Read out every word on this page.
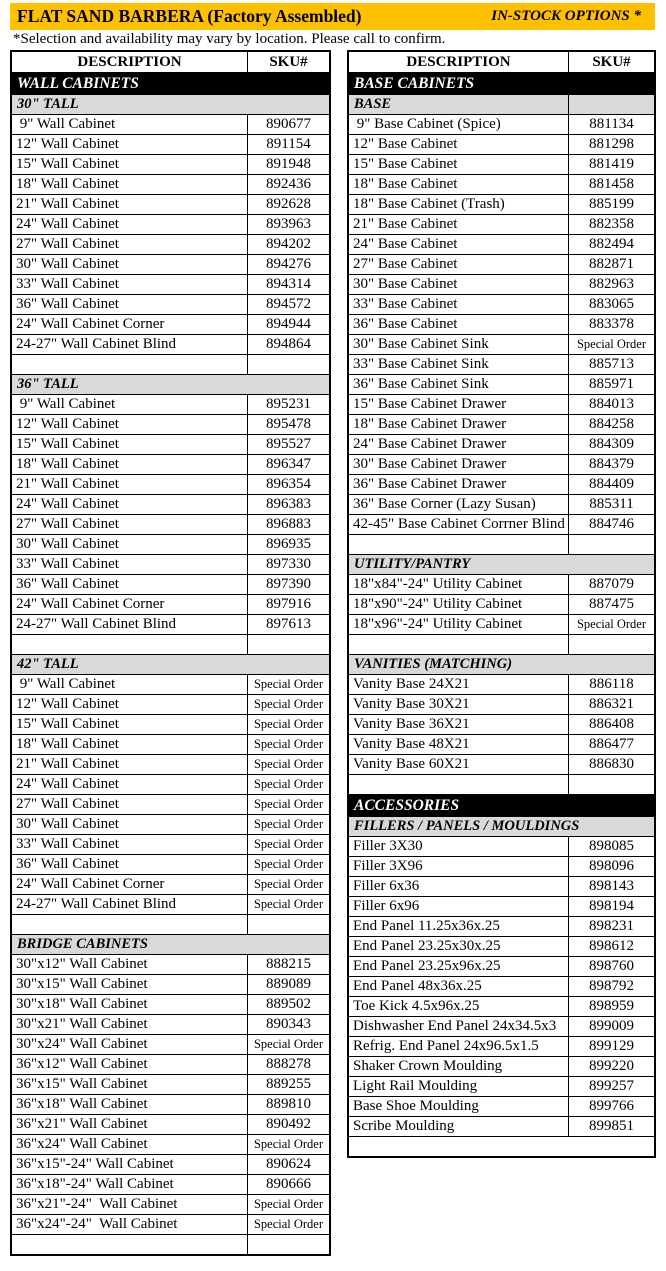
FLAT SAND BARBERA (Factory Assembled)	IN-STOCK OPTIONS *
*Selection and availability may vary by location. Please call to confirm.
DESCRIPTION	SKU#
WALL CABINETS
30" TALL
9" Wall Cabinet	890677
12" Wall Cabinet	891154
15" Wall Cabinet	891948
18" Wall Cabinet	892436
21" Wall Cabinet	892628
24" Wall Cabinet	893963
27" Wall Cabinet	894202
30" Wall Cabinet	894276
33" Wall Cabinet	894314
36" Wall Cabinet	894572
24" Wall Cabinet Corner	894944
24-27" Wall Cabinet Blind	894864
36" TALL
9" Wall Cabinet	895231
12" Wall Cabinet	895478
15" Wall Cabinet	895527
18" Wall Cabinet	896347
21" Wall Cabinet	896354
24" Wall Cabinet	896383
27" Wall Cabinet	896883
30" Wall Cabinet	896935
33" Wall Cabinet	897330
36" Wall Cabinet	897390
24" Wall Cabinet Corner	897916
24-27" Wall Cabinet Blind	897613
42" TALL
9" Wall Cabinet	Special Order
12" Wall Cabinet	Special Order
15" Wall Cabinet	Special Order
18" Wall Cabinet	Special Order
21" Wall Cabinet	Special Order
24" Wall Cabinet	Special Order
27" Wall Cabinet	Special Order
30" Wall Cabinet	Special Order
33" Wall Cabinet	Special Order
36" Wall Cabinet	Special Order
24" Wall Cabinet Corner	Special Order
24-27" Wall Cabinet Blind	Special Order
BRIDGE CABINETS
30"x12" Wall Cabinet	888215
30"x15" Wall Cabinet	889089
30"x18" Wall Cabinet	889502
30"x21" Wall Cabinet	890343
30"x24" Wall Cabinet	Special Order
36"x12" Wall Cabinet	888278
36"x15" Wall Cabinet	889255
36"x18" Wall Cabinet	889810
36"x21" Wall Cabinet	890492
36"x24" Wall Cabinet	Special Order
36"x15"-24" Wall Cabinet	890624
36"x18"-24" Wall Cabinet	890666
36"x21"-24"  Wall Cabinet	Special Order
36"x24"-24"  Wall Cabinet	Special Order
DESCRIPTION	SKU#
BASE CABINETS
BASE
9" Base Cabinet (Spice)	881134
12" Base Cabinet	881298
15" Base Cabinet	881419
18" Base Cabinet	881458
18" Base Cabinet (Trash)	885199
21" Base Cabinet	882358
24" Base Cabinet	882494
27" Base Cabinet	882871
30" Base Cabinet	882963
33" Base Cabinet	883065
36" Base Cabinet	883378
30" Base Cabinet Sink	Special Order
33" Base Cabinet Sink	885713
36" Base Cabinet Sink	885971
15" Base Cabinet Drawer	884013
18" Base Cabinet Drawer	884258
24" Base Cabinet Drawer	884309
30" Base Cabinet Drawer	884379
36" Base Cabinet Drawer	884409
36" Base Corner (Lazy Susan)	885311
42-45" Base Cabinet Corrner Blind	884746
UTILITY/PANTRY
18"x84"-24" Utility Cabinet	887079
18"x90"-24" Utility Cabinet	887475
18"x96"-24" Utility Cabinet	Special Order
VANITIES (MATCHING)
Vanity Base 24X21	886118
Vanity Base 30X21	886321
Vanity Base 36X21	886408
Vanity Base 48X21	886477
Vanity Base 60X21	886830
ACCESSORIES
FILLERS / PANELS / MOULDINGS
Filler 3X30	898085
Filler 3X96	898096
Filler 6x36	898143
Filler 6x96	898194
End Panel 11.25x36x.25	898231
End Panel 23.25x30x.25	898612
End Panel 23.25x96x.25	898760
End Panel 48x36x.25	898792
Toe Kick 4.5x96x.25	898959
Dishwasher End Panel 24x34.5x3	899009
Refrig. End Panel 24x96.5x1.5	899129
Shaker Crown Moulding	899220
Light Rail Moulding	899257
Base Shoe Moulding	899766
Scribe Moulding	899851
